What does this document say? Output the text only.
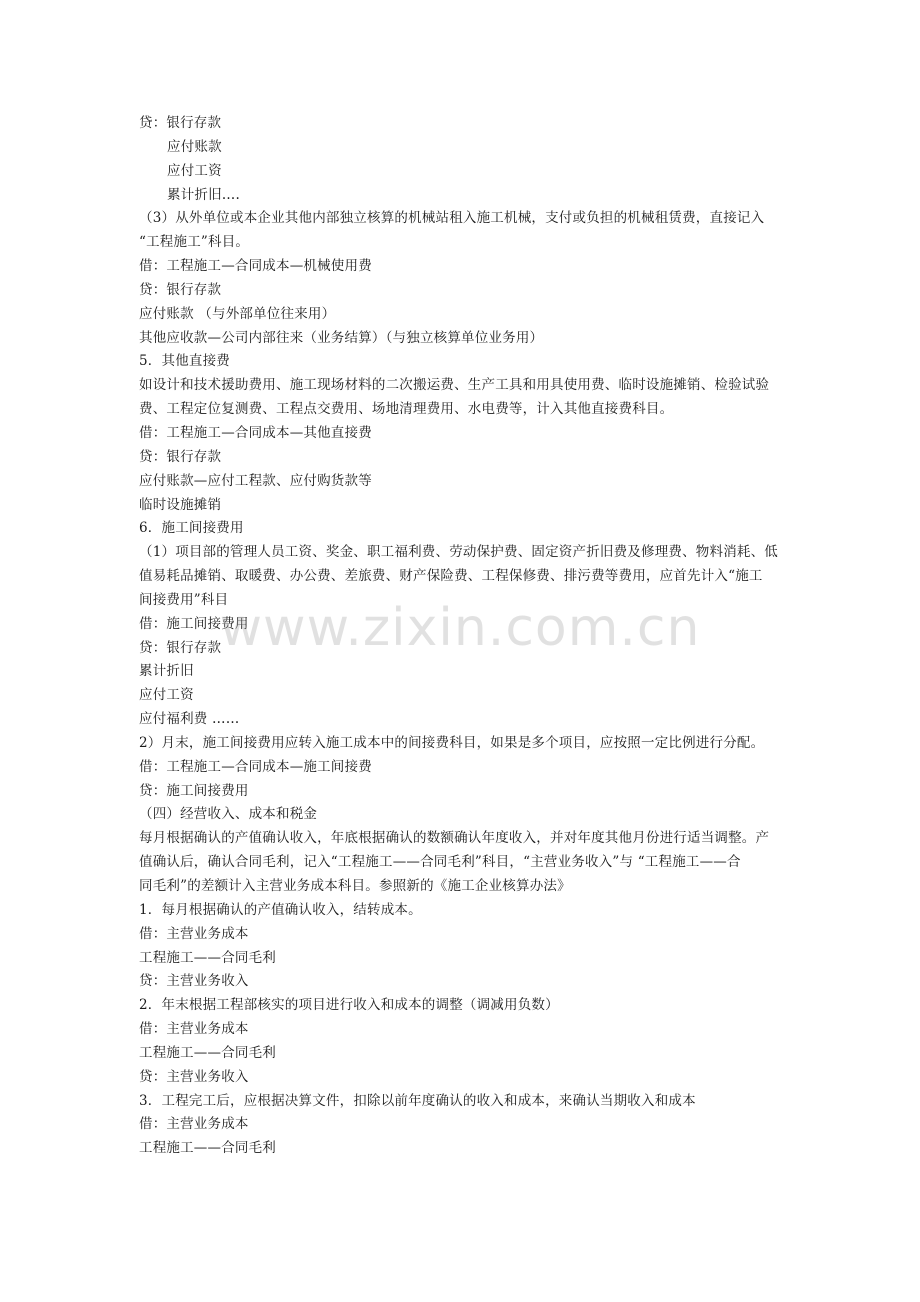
贷：银行存款
应付账款
应付工资
累计折旧….
（3）从外单位或本企业其他内部独立核算的机械站租入施工机械，支付或负担的机械租赁费，直接记入
“工程施工”科目。
借：工程施工—合同成本—机械使用费
贷：银行存款
应付账款 （与外部单位往来用）
其他应收款—公司内部往来（业务结算）（与独立核算单位业务用）
5．其他直接费
如设计和技术援助费用、施工现场材料的二次搬运费、生产工具和用具使用费、临时设施摊销、检验试验
费、工程定位复测费、工程点交费用、场地清理费用、水电费等，计入其他直接费科目。
借：工程施工—合同成本—其他直接费
贷：银行存款
应付账款—应付工程款、应付购货款等
临时设施摊销
6．施工间接费用
（1）项目部的管理人员工资、奖金、职工福利费、劳动保护费、固定资产折旧费及修理费、物料消耗、低
值易耗品摊销、取暖费、办公费、差旅费、财产保险费、工程保修费、排污费等费用，应首先计入“施工
间接费用”科目
借：施工间接费用
贷：银行存款
累计折旧
应付工资
应付福利费 ……
2）月末，施工间接费用应转入施工成本中的间接费科目，如果是多个项目，应按照一定比例进行分配。
借：工程施工—合同成本—施工间接费
贷：施工间接费用
（四）经营收入、成本和税金
每月根据确认的产值确认收入，年底根据确认的数额确认年度收入，并对年度其他月份进行适当调整。产
值确认后，确认合同毛利，记入“工程施工——合同毛利”科目，“主营业务收入”与 “工程施工——合
同毛利”的差额计入主营业务成本科目。参照新的《施工企业核算办法》
1．每月根据确认的产值确认收入，结转成本。
借：主营业务成本
工程施工——合同毛利
贷：主营业务收入
2．年末根据工程部核实的项目进行收入和成本的调整（调减用负数）
借：主营业务成本
工程施工——合同毛利
贷：主营业务收入
3．工程完工后，应根据决算文件，扣除以前年度确认的收入和成本，来确认当期收入和成本
借：主营业务成本
工程施工——合同毛利
www.zixin.com.cn
